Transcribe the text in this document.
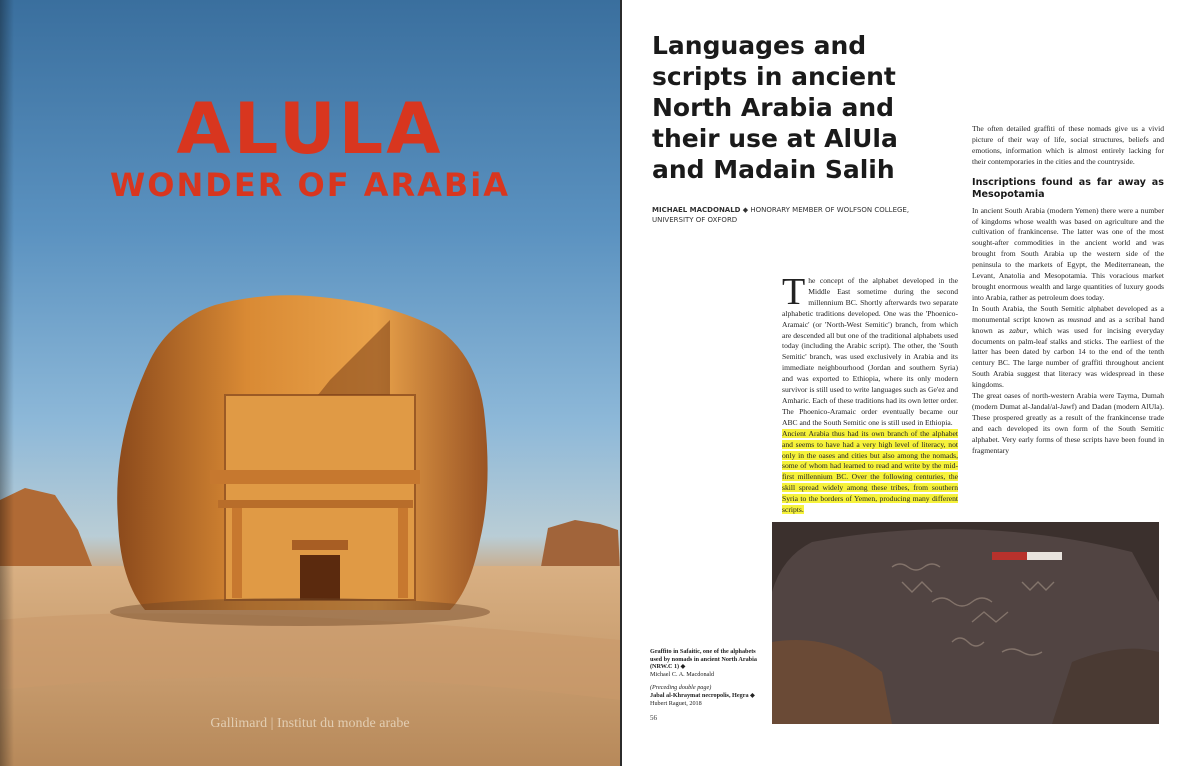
ALULA
WONDER OF ARABiA
Gallimard | Institut du monde arabe
Languages and scripts in ancient North Arabia and their use at AlUla and Madain Salih
MICHAEL MACDONALD ◆ HONORARY MEMBER OF WOLFSON COLLEGE, UNIVERSITY OF OXFORD

The concept of the alphabet developed in the Middle East sometime during the second millennium BC. Shortly afterwards two separate alphabetic traditions developed. One was the 'Phoenico-Aramaic' (or 'North-West Semitic') branch, from which are descended all but one of the traditional alphabets used today (including the Arabic script). The other, the 'South Semitic' branch, was used exclusively in Arabia and its immediate neighbourhood (Jordan and southern Syria) and was exported to Ethiopia, where its only modern survivor is still used to write languages such as Ge'ez and Amharic. Each of these traditions had its own letter order. The Phoenico-Aramaic order eventually became our ABC and the South Semitic one is still used in Ethiopia.

Ancient Arabia thus had its own branch of the alphabet and seems to have had a very high level of literacy, not only in the oases and cities but also among the nomads, some of whom had learned to read and write by the mid-first millennium BC. Over the following centuries, the skill spread widely among these tribes, from southern Syria to the borders of Yemen, producing many different scripts.

The often detailed graffiti of these nomads give us a vivid picture of their way of life, social structures, beliefs and emotions, information which is almost entirely lacking for their contemporaries in the cities and the countryside.

Inscriptions found as far away as Mesopotamia

In ancient South Arabia (modern Yemen) there were a number of kingdoms whose wealth was based on agriculture and the cultivation of frankincense. The latter was one of the most sought-after commodities in the ancient world and was brought from South Arabia up the western side of the peninsula to the markets of Egypt, the Mediterranean, the Levant, Anatolia and Mesopotamia. This voracious market brought enormous wealth and large quantities of luxury goods into Arabia, rather as petroleum does today.

In South Arabia, the South Semitic alphabet developed as a monumental script known as musnad and as a scribal hand known as zabur, which was used for incising everyday documents on palm-leaf stalks and sticks. The earliest of the latter has been dated by carbon 14 to the end of the tenth century BC. The large number of graffiti throughout ancient South Arabia suggest that literacy was widespread in these kingdoms.

The great oases of north-western Arabia were Tayma, Dumah (modern Dumat al-Jandal/al-Jawf) and Dadan (modern AlUla). These prospered greatly as a result of the frankincense trade and each developed its own form of the South Semitic alphabet. Very early forms of these scripts have been found in fragmentary

Graffito in Safaitic, one of the alphabets used by nomads in ancient North Arabia (NRW.C 1) ◆
Michael C. A. Macdonald
(Preceding double page)
Jabal al-Khraymat necropolis, Hegra ◆
Hubert Raguet, 2018
56
